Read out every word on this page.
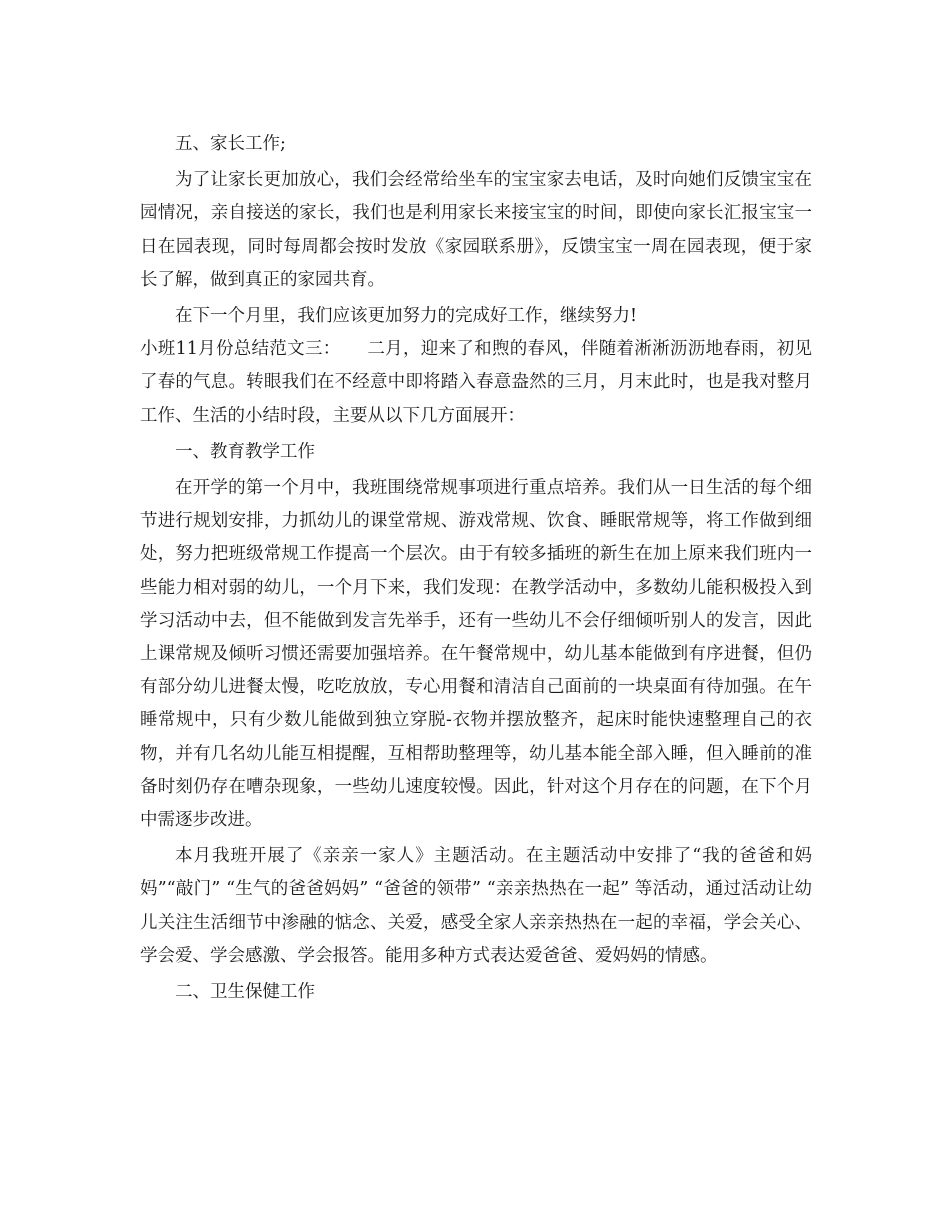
五、家长工作;

为了让家长更加放心，我们会经常给坐车的宝宝家去电话，及时向她们反馈宝宝在园情况，亲自接送的家长，我们也是利用家长来接宝宝的时间，即使向家长汇报宝宝一日在园表现，同时每周都会按时发放《家园联系册》，反馈宝宝一周在园表现，便于家长了解，做到真正的家园共育。

在下一个月里，我们应该更加努力的完成好工作，继续努力!

小班11月份总结范文三：　　二月，迎来了和煦的春风，伴随着淅淅沥沥地春雨，初见了春的气息。转眼我们在不经意中即将踏入春意盎然的三月，月末此时，也是我对整月工作、生活的小结时段，主要从以下几方面展开：

一、教育教学工作

在开学的第一个月中，我班围绕常规事项进行重点培养。我们从一日生活的每个细节进行规划安排，力抓幼儿的课堂常规、游戏常规、饮食、睡眠常规等，将工作做到细处，努力把班级常规工作提高一个层次。由于有较多插班的新生在加上原来我们班内一些能力相对弱的幼儿，一个月下来，我们发现：在教学活动中，多数幼儿能积极投入到学习活动中去，但不能做到发言先举手，还有一些幼儿不会仔细倾听别人的发言，因此上课常规及倾听习惯还需要加强培养。在午餐常规中，幼儿基本能做到有序进餐，但仍有部分幼儿进餐太慢，吃吃放放，专心用餐和清洁自己面前的一块桌面有待加强。在午睡常规中，只有少数儿能做到独立穿脱-衣物并摆放整齐，起床时能快速整理自己的衣物，并有几名幼儿能互相提醒，互相帮助整理等，幼儿基本能全部入睡，但入睡前的准备时刻仍存在嘈杂现象，一些幼儿速度较慢。因此，针对这个月存在的问题，在下个月中需逐步改进。

本月我班开展了《亲亲一家人》主题活动。在主题活动中安排了“我的爸爸和妈妈”“敲门” “生气的爸爸妈妈” “爸爸的领带” “亲亲热热在一起” 等活动，通过活动让幼儿关注生活细节中渗融的惦念、关爱，感受全家人亲亲热热在一起的幸福，学会关心、学会爱、学会感激、学会报答。能用多种方式表达爱爸爸、爱妈妈的情感。

二、卫生保健工作
